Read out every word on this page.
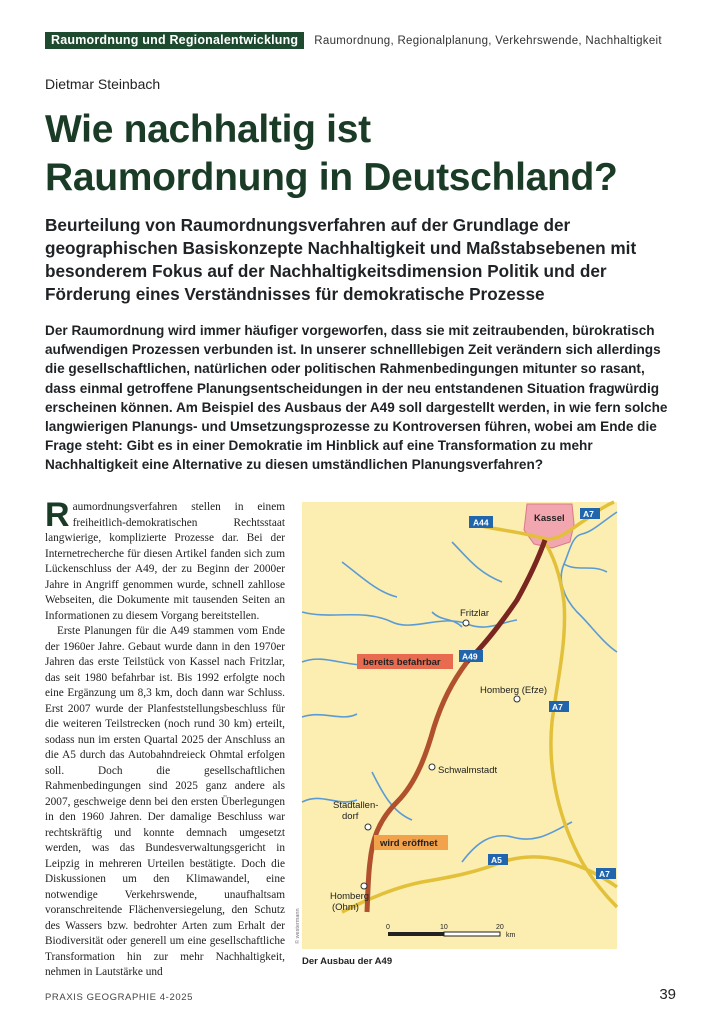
Raumordnung und Regionalentwicklung	Raumordnung, Regionalplanung, Verkehrswende, Nachhaltigkeit
Dietmar Steinbach
Wie nachhaltig ist
Raumordnung in Deutschland?

Beurteilung von Raumordnungsverfahren auf der Grundlage der geographischen Basiskonzepte Nachhaltigkeit und Maßstabsebenen mit besonderem Fokus auf der Nachhaltigkeitsdimension Politik und der Förderung eines Verständnisses für demokratische Prozesse

Der Raumordnung wird immer häufiger vorgeworfen, dass sie mit zeitraubenden, bürokratisch aufwendigen Prozessen verbunden ist. In unserer schnelllebigen Zeit verändern sich allerdings die gesellschaftlichen, natürlichen oder politischen Rahmenbedingungen mitunter so rasant, dass einmal getroffene Planungsentscheidungen in der neu entstandenen Situation fragwürdig erscheinen können. Am Beispiel des Ausbaus der A49 soll dargestellt werden, in wie fern solche langwierigen Planungs- und Umsetzungsprozesse zu Kontroversen führen, wobei am Ende die Frage steht: Gibt es in einer Demokratie im Hinblick auf eine Transformation zu mehr Nachhaltigkeit eine Alternative zu diesen umständlichen Planungsverfahren?

Raumordnungsverfahren stellen in einem freiheitlich-demokratischen Rechtsstaat langwierige, komplizierte Prozesse dar. Bei der Internetrecherche für diesen Artikel fanden sich zum Lückenschluss der A49, der zu Beginn der 2000er Jahre in Angriff genommen wurde, schnell zahllose Webseiten, die Dokumente mit tausenden Seiten an Informationen zu diesem Vorgang bereitstellen.

Erste Planungen für die A49 stammen vom Ende der 1960er Jahre. Gebaut wurde dann in den 1970er Jahren das erste Teilstück von Kassel nach Fritzlar, das seit 1980 befahrbar ist. Bis 1992 erfolgte noch eine Ergänzung um 8,3 km, doch dann war Schluss. Erst 2007 wurde der Planfeststellungsbeschluss für die weiteren Teilstrecken (noch rund 30 km) erteilt, sodass nun im ersten Quartal 2025 der Anschluss an die A5 durch das Autobahndreieck Ohmtal erfolgen soll. Doch die gesellschaftlichen Rahmenbedingungen sind 2025 ganz andere als 2007, geschweige denn bei den ersten Überlegungen in den 1960 Jahren. Der damalige Beschluss war rechtskräftig und konnte demnach umgesetzt werden, was das Bundesverwaltungsgericht in Leipzig in mehreren Urteilen bestätigte. Doch die Diskussionen um den Klimawandel, eine notwendige Verkehrswende, unaufhaltsam voranschreitende Flächenversiegelung, den Schutz des Wassers bzw. bedrohter Arten zum Erhalt der Biodiversität oder generell um eine gesellschaftliche Transformation hin zur mehr Nachhaltigkeit, nehmen in Lautstärke und

Kassel
Fritzlar
Homberg (Efze)
Schwalmstadt
Stadtallen-
dorf
Homberg
(Ohm)
A44
A7
A49
A7
A5
A7
bereits befahrbar
wird eröffnet
0	10	20
km
© westermann
Der Ausbau der A49
PRAXIS GEOGRAPHIE 4-2025	39
